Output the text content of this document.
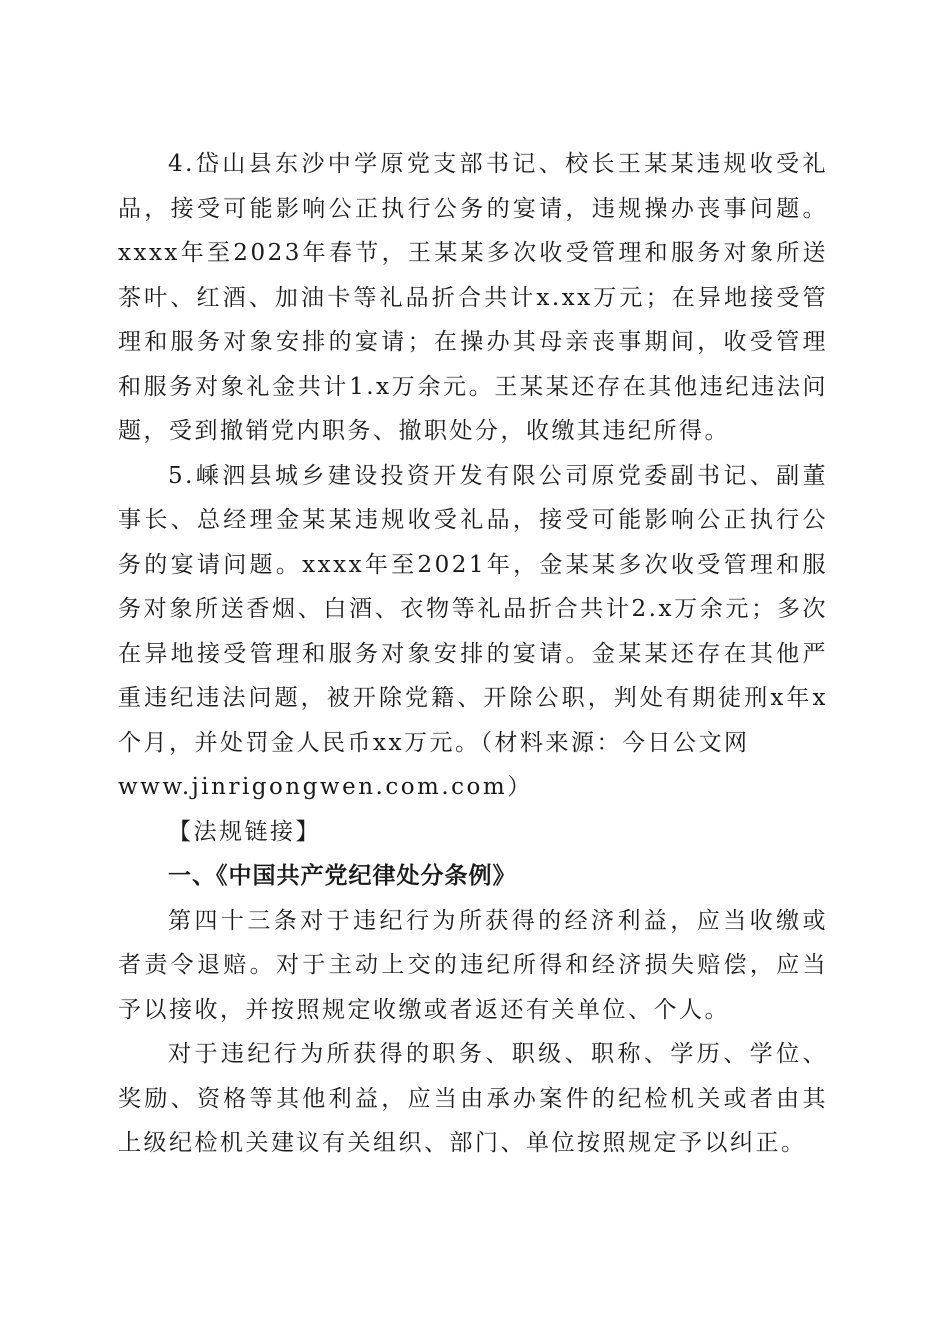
4.岱山县东沙中学原党支部书记、校长王某某违规收受礼品，接受可能影响公正执行公务的宴请，违规操办丧事问题。xxxx年至2023年春节，王某某多次收受管理和服务对象所送茶叶、红酒、加油卡等礼品折合共计x.xx万元；在异地接受管理和服务对象安排的宴请；在操办其母亲丧事期间，收受管理和服务对象礼金共计1.x万余元。王某某还存在其他违纪违法问题，受到撤销党内职务、撤职处分，收缴其违纪所得。

5.嵊泗县城乡建设投资开发有限公司原党委副书记、副董事长、总经理金某某违规收受礼品，接受可能影响公正执行公务的宴请问题。xxxx年至2021年，金某某多次收受管理和服务对象所送香烟、白酒、衣物等礼品折合共计2.x万余元；多次在异地接受管理和服务对象安排的宴请。金某某还存在其他严重违纪违法问题，被开除党籍、开除公职，判处有期徒刑x年x个月，并处罚金人民币xx万元。（材料来源：今日公文网

www.jinrigongwen.com.com）

【法规链接】

一、《中国共产党纪律处分条例》

第四十三条对于违纪行为所获得的经济利益，应当收缴或者责令退赔。对于主动上交的违纪所得和经济损失赔偿，应当予以接收，并按照规定收缴或者返还有关单位、个人。

对于违纪行为所获得的职务、职级、职称、学历、学位、奖励、资格等其他利益，应当由承办案件的纪检机关或者由其上级纪检机关建议有关组织、部门、单位按照规定予以纠正。
